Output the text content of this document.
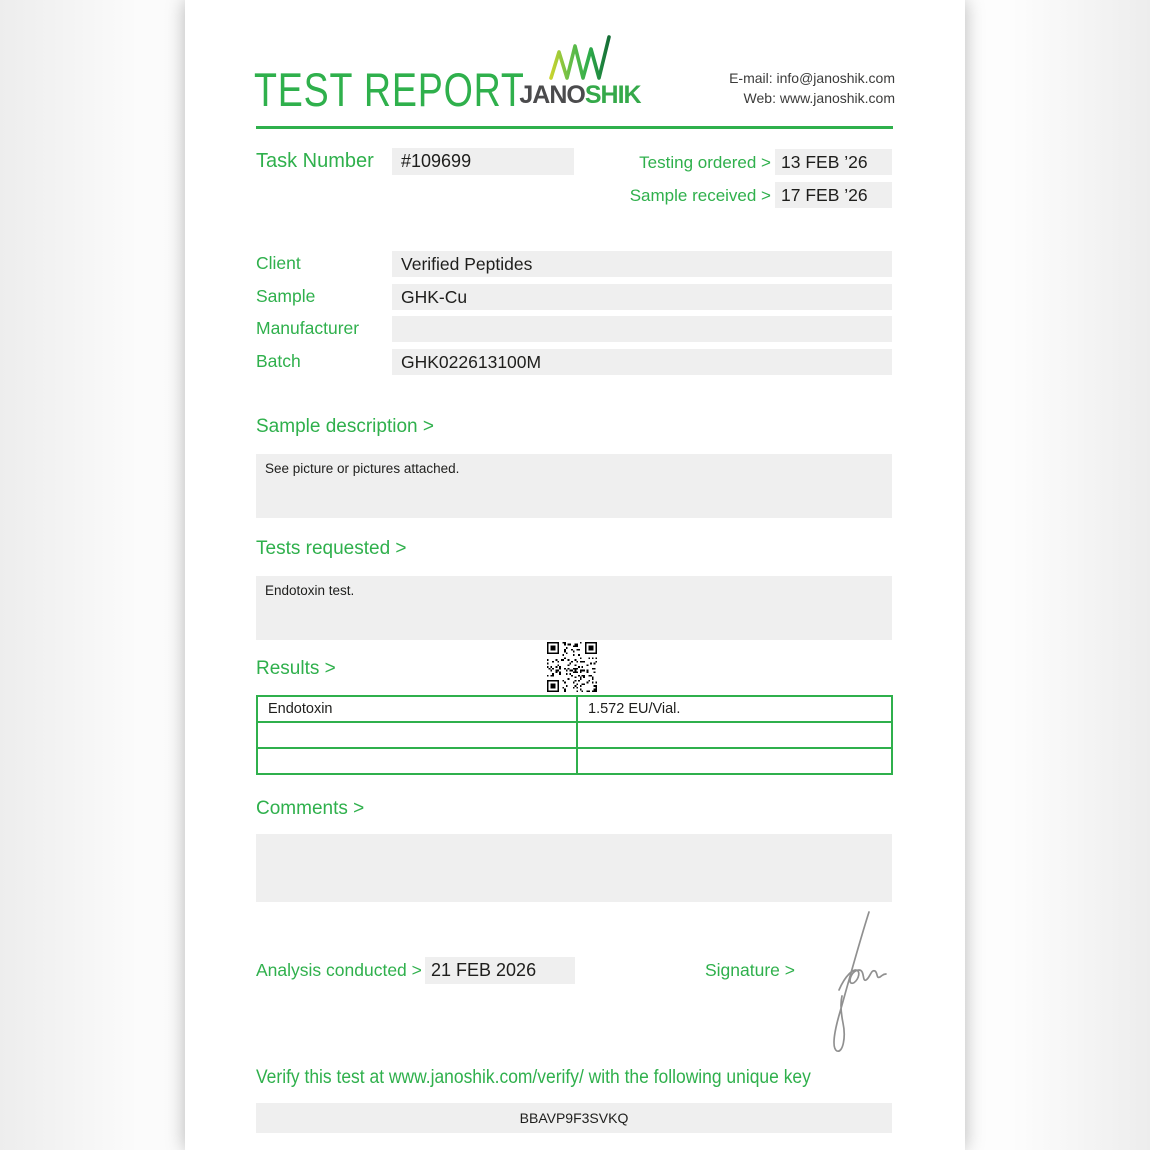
TEST REPORT
JANOSHIK
E-mail: info@janoshik.com
Web: www.janoshik.com
Task Number	#109699	Testing ordered > 13 FEB ’26
Sample received > 17 FEB ’26
Client	Verified Peptides
Sample	GHK-Cu
Manufacturer
Batch	GHK022613100M
Sample description >
See picture or pictures attached.
Tests requested >
Endotoxin test.
Results >
Endotoxin	1.572 EU/Vial.

Comments >
Analysis conducted > 21 FEB 2026	Signature >
Verify this test at www.janoshik.com/verify/ with the following unique key
BBAVP9F3SVKQ
